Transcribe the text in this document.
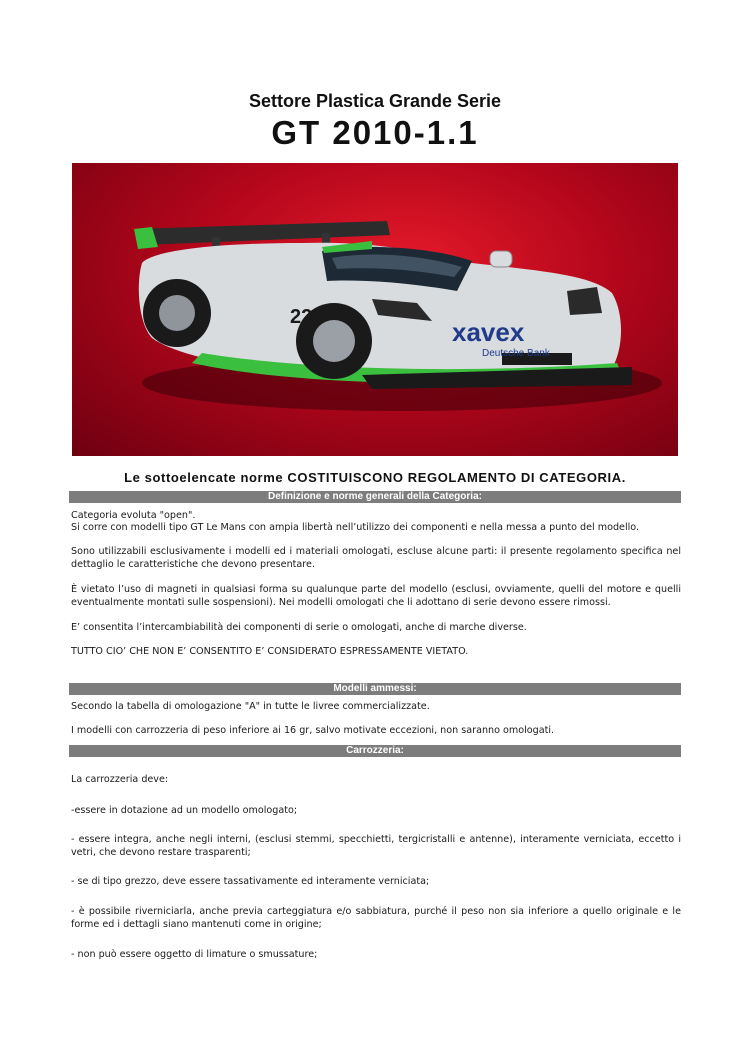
Settore Plastica Grande Serie
GT 2010-1.1
xavex
Deutsche Bank
22
Le sottoelencate norme COSTITUISCONO REGOLAMENTO DI CATEGORIA.
Definizione e norme generali della Categoria:
Categoria evoluta "open".
Si corre con modelli tipo GT Le Mans con ampia libertà nell’utilizzo dei componenti e nella messa a punto del modello.
Sono utilizzabili esclusivamente i modelli ed i materiali omologati, escluse alcune parti: il presente regolamento specifica nel dettaglio le caratteristiche che devono presentare.
È vietato l’uso di magneti in qualsiasi forma su qualunque parte del modello (esclusi, ovviamente, quelli del motore e quelli eventualmente montati sulle sospensioni). Nei modelli omologati che li adottano di serie devono essere rimossi.
E’ consentita l’intercambiabilità dei componenti di serie o omologati, anche di marche diverse.
TUTTO CIO’ CHE NON E’ CONSENTITO E’ CONSIDERATO ESPRESSAMENTE VIETATO.
Modelli ammessi:
Secondo la tabella di omologazione "A" in tutte le livree commercializzate.
I modelli con carrozzeria di peso inferiore ai 16 gr, salvo motivate eccezioni, non saranno omologati.
Carrozzeria:
La carrozzeria deve:
-essere in dotazione ad un modello omologato;
- essere integra, anche negli interni, (esclusi stemmi, specchietti, tergicristalli e antenne), interamente verniciata, eccetto i vetri, che devono restare trasparenti;
- se di tipo grezzo, deve essere tassativamente ed interamente verniciata;
- è possibile riverniciarla, anche previa carteggiatura e/o sabbiatura, purché il peso non sia inferiore a quello originale e le forme ed i dettagli siano mantenuti come in origine;
- non può essere oggetto di limature o smussature;
